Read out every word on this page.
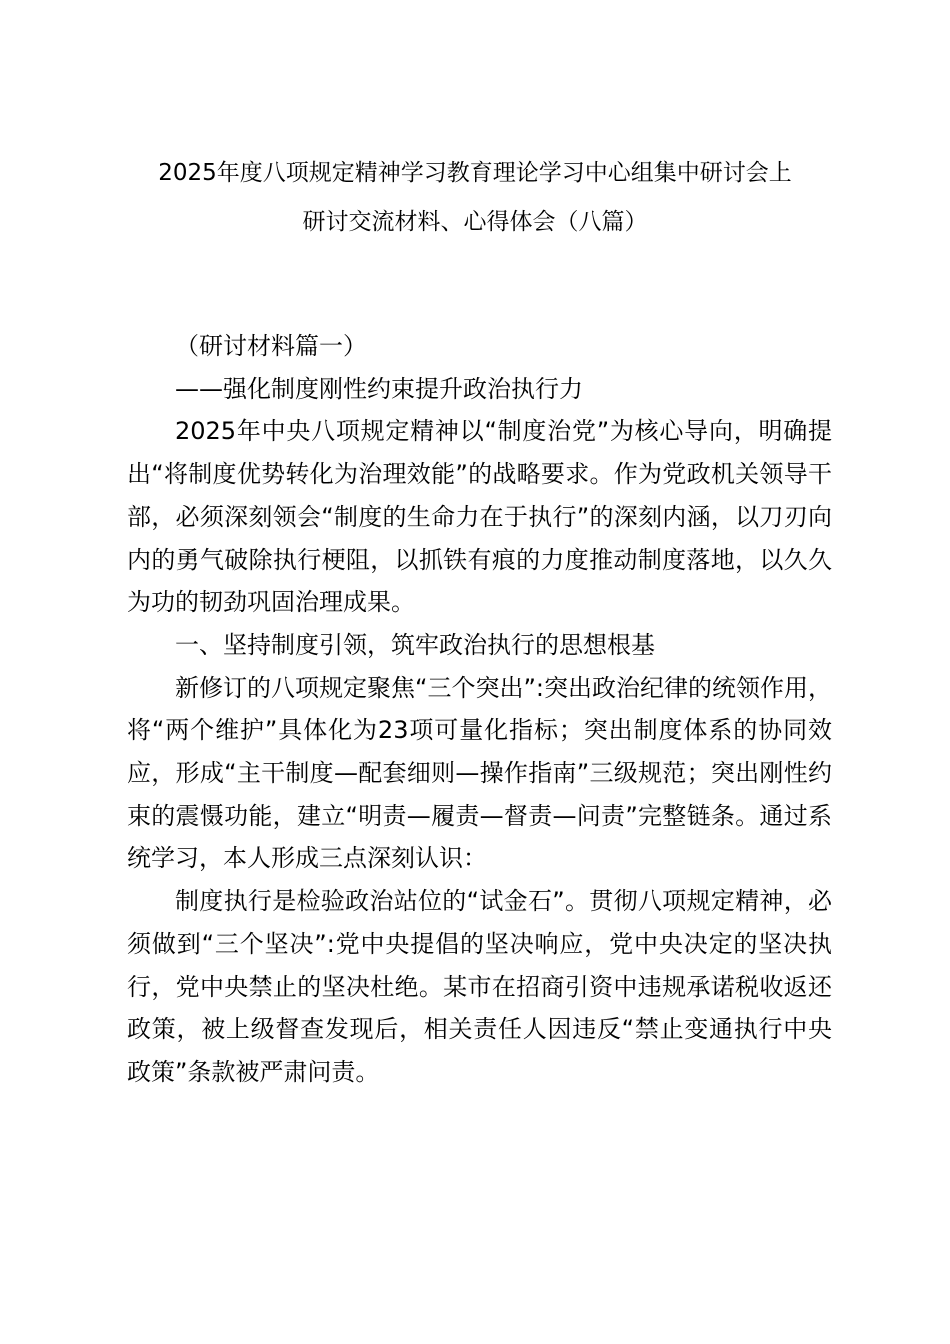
2025年度八项规定精神学习教育理论学习中心组集中研讨会上
研讨交流材料、心得体会（八篇）

（研讨材料篇一）

——强化制度刚性约束提升政治执行力

2025年中央八项规定精神以“制度治党”为核心导向，明确提出“将制度优势转化为治理效能”的战略要求。作为党政机关领导干部，必须深刻领会“制度的生命力在于执行”的深刻内涵，以刀刃向内的勇气破除执行梗阻，以抓铁有痕的力度推动制度落地，以久久为功的韧劲巩固治理成果。

一、坚持制度引领，筑牢政治执行的思想根基

新修订的八项规定聚焦“三个突出”:突出政治纪律的统领作用，将“两个维护”具体化为23项可量化指标；突出制度体系的协同效应，形成“主干制度—配套细则—操作指南”三级规范；突出刚性约束的震慑功能，建立“明责—履责—督责—问责”完整链条。通过系统学习，本人形成三点深刻认识：

制度执行是检验政治站位的“试金石”。贯彻八项规定精神，必须做到“三个坚决”:党中央提倡的坚决响应，党中央决定的坚决执行，党中央禁止的坚决杜绝。某市在招商引资中违规承诺税收返还政策，被上级督查发现后，相关责任人因违反“禁止变通执行中央政策”条款被严肃问责。
